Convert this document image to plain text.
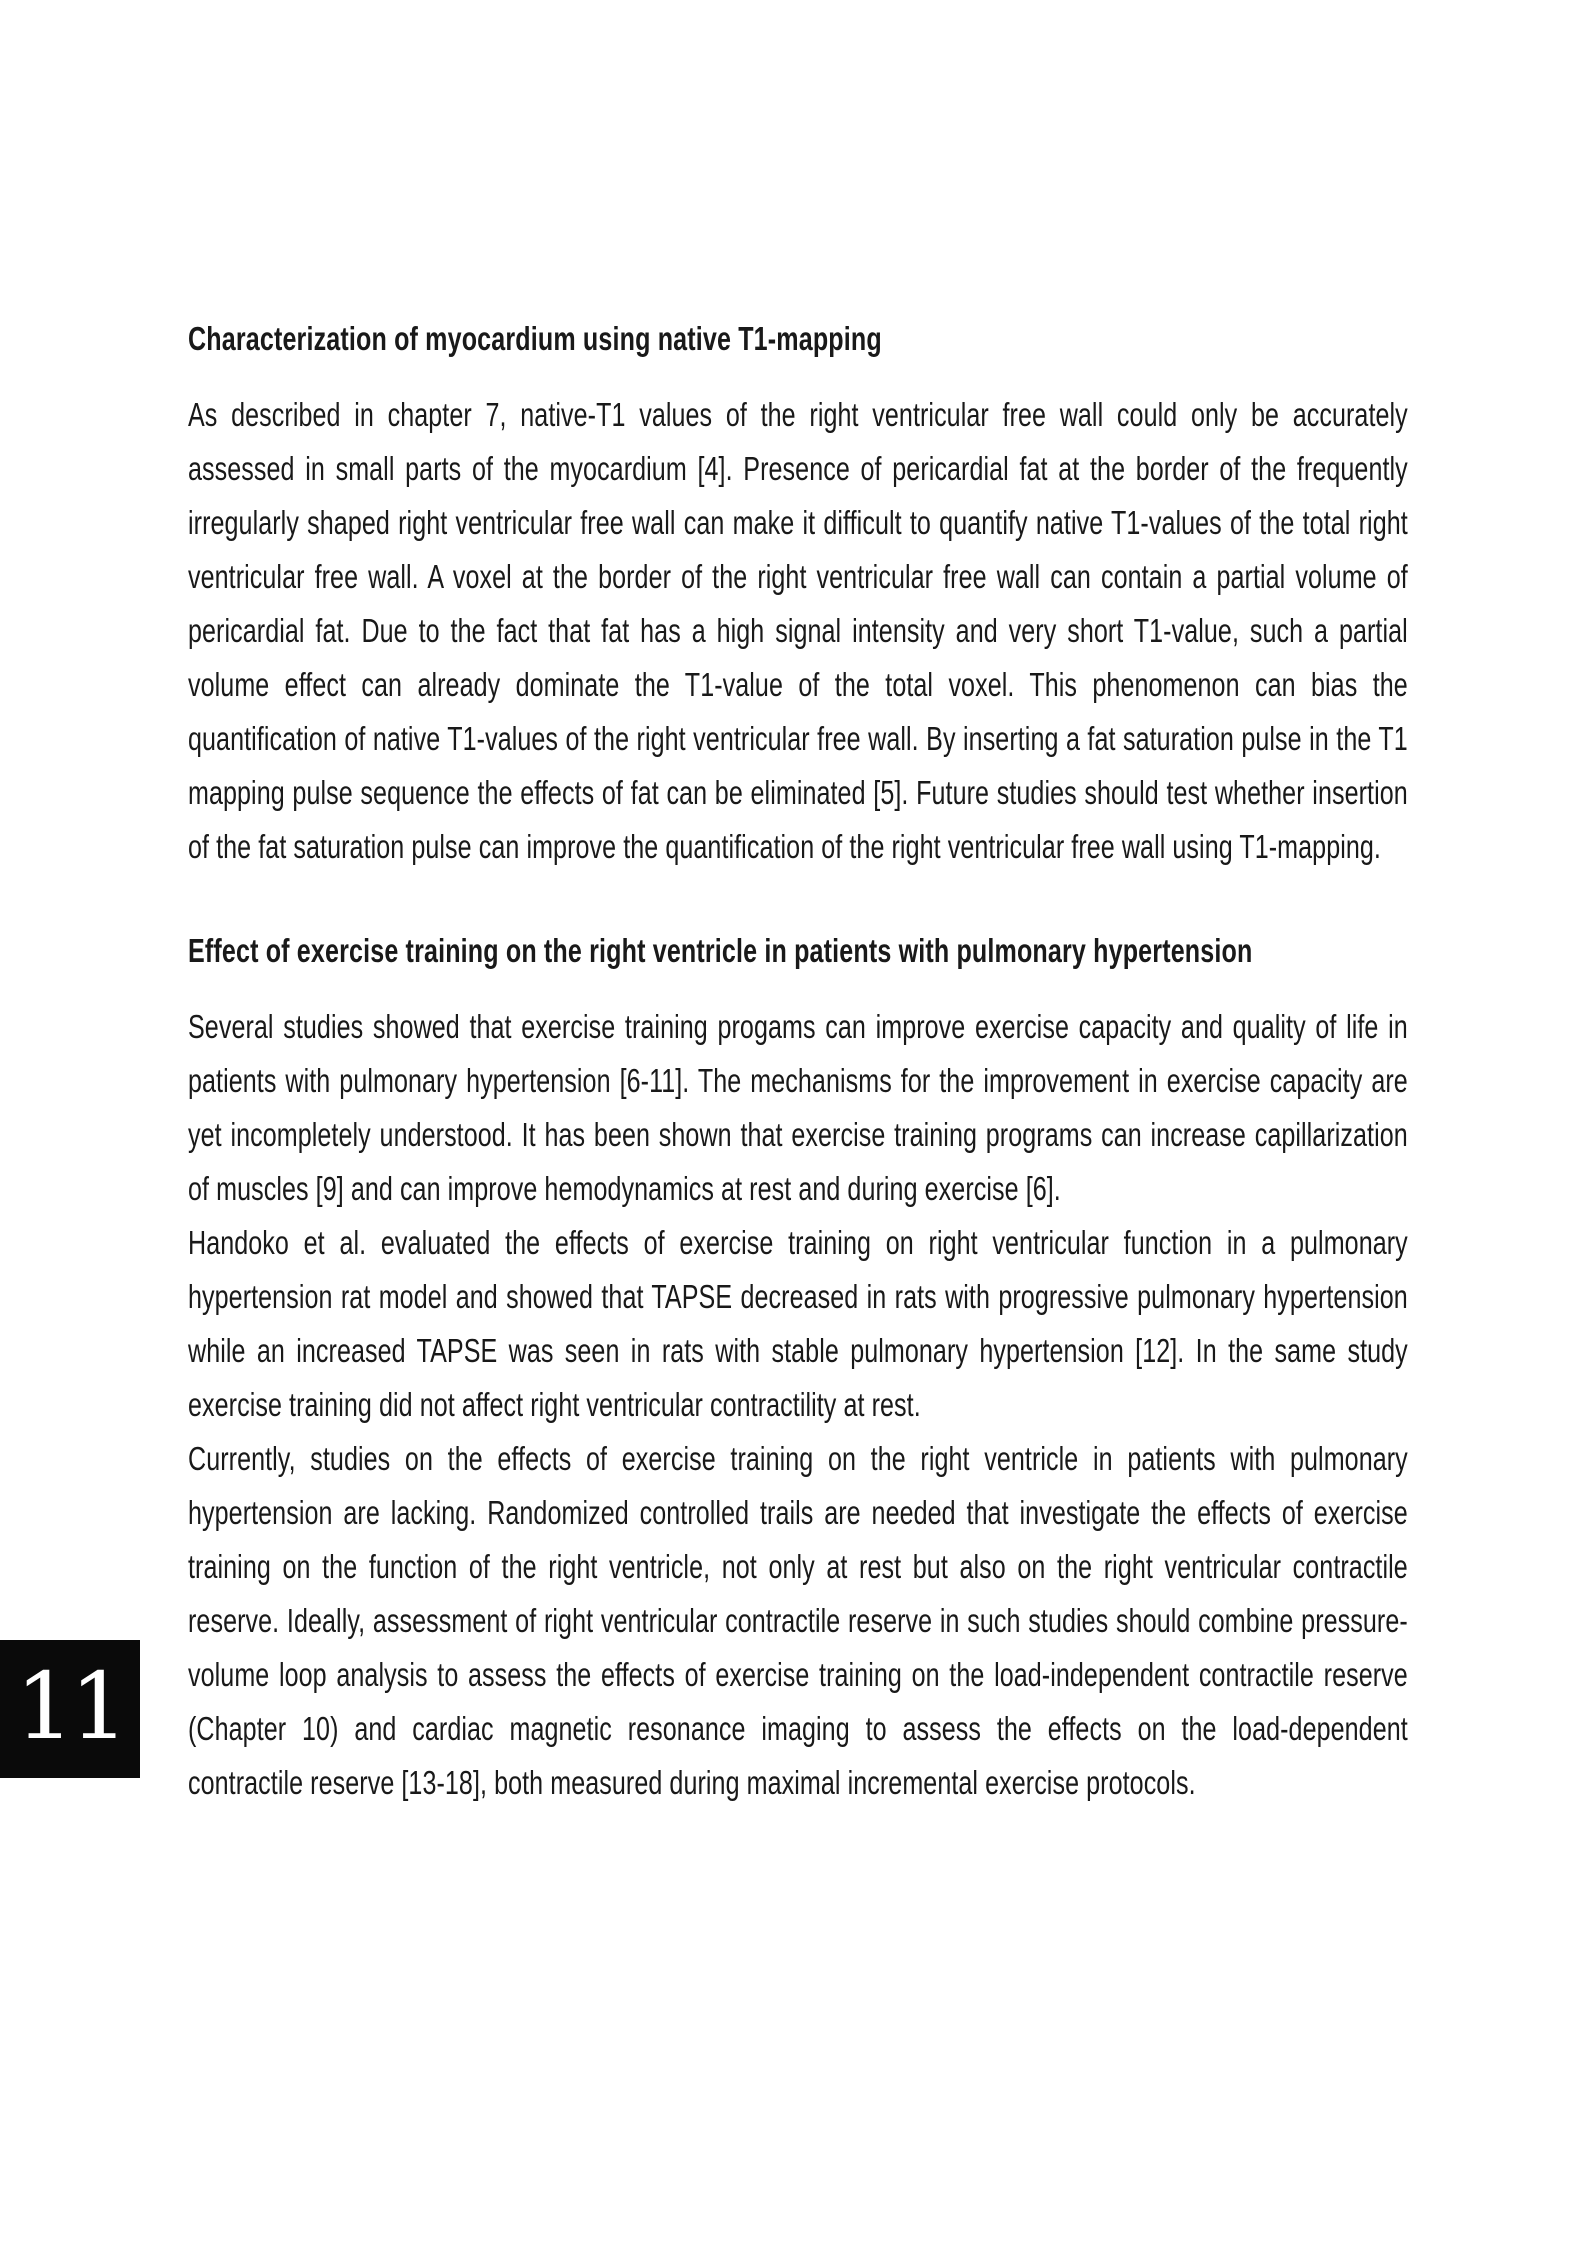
11
Characterization of myocardium using native T1-mapping

As described in chapter 7, native-T1 values of the right ventricular free wall could only be accurately assessed in small parts of the myocardium [4]. Presence of pericardial fat at the border of the frequently irregularly shaped right ventricular free wall can make it difficult to quantify native T1-values of the total right ventricular free wall. A voxel at the border of the right ventricular free wall can contain a partial volume of pericardial fat. Due to the fact that fat has a high signal intensity and very short T1-value, such a partial volume effect can already dominate the T1-value of the total voxel. This phenomenon can bias the quantification of native T1-values of the right ventricular free wall. By inserting a fat saturation pulse in the T1 mapping pulse sequence the effects of fat can be eliminated [5]. Future studies should test whether insertion of the fat saturation pulse can improve the quantification of the right ventricular free wall using T1-mapping.

Effect of exercise training on the right ventricle in patients with pulmonary hypertension

Several studies showed that exercise training progams can improve exercise capacity and quality of life in patients with pulmonary hypertension [6-11]. The mechanisms for the improvement in exercise capacity are yet incompletely understood. It has been shown that exercise training programs can increase capillarization of muscles [9] and can improve hemodynamics at rest and during exercise [6].

Handoko et al. evaluated the effects of exercise training on right ventricular function in a pulmonary hypertension rat model and showed that TAPSE decreased in rats with progressive pulmonary hypertension while an increased TAPSE was seen in rats with stable pulmonary hypertension [12]. In the same study exercise training did not affect right ventricular contractility at rest.

Currently, studies on the effects of exercise training on the right ventricle in patients with pulmonary hypertension are lacking. Randomized controlled trails are needed that investigate the effects of exercise training on the function of the right ventricle, not only at rest but also on the right ventricular contractile reserve. Ideally, assessment of right ventricular contractile reserve in such studies should combine pressure-volume loop analysis to assess the effects of exercise training on the load-independent contractile reserve (Chapter 10) and cardiac magnetic resonance imaging to assess the effects on the load-dependent contractile reserve [13-18], both measured during maximal incremental exercise protocols.
